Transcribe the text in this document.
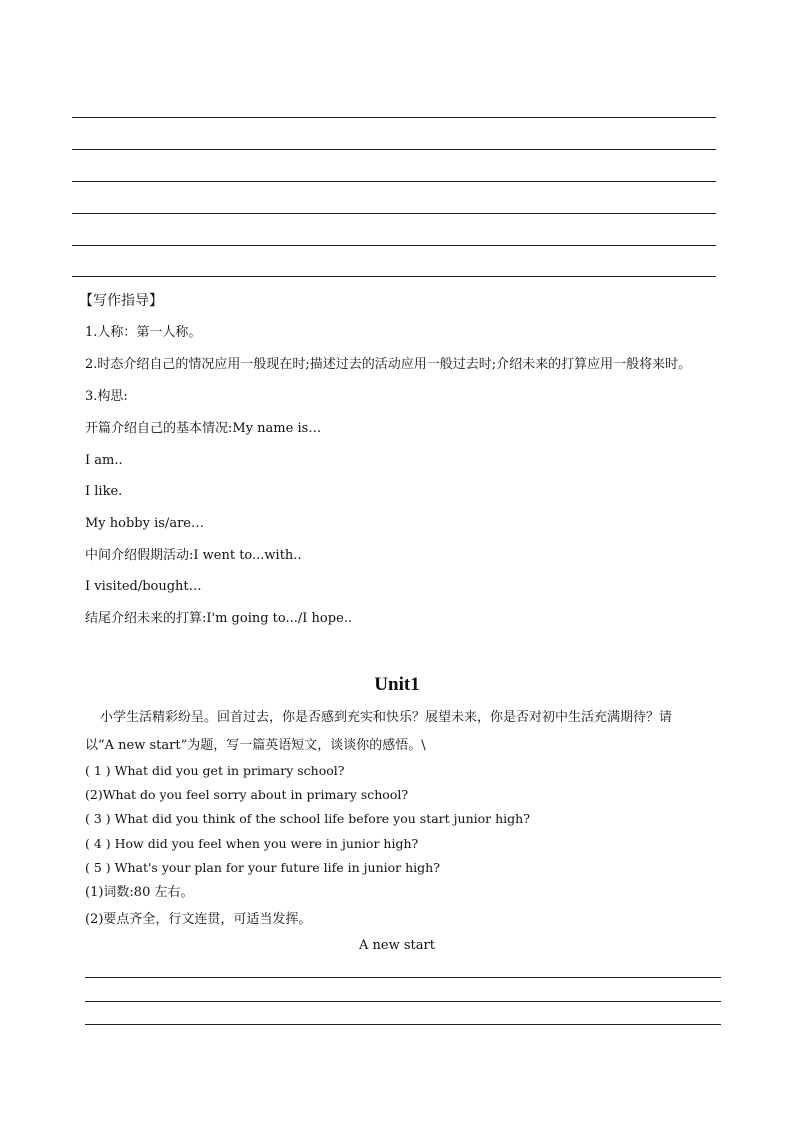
【写作指导】
1.人称：第一人称。
2.时态介绍自己的情况应用一般现在时;描述过去的活动应用一般过去时;介绍未来的打算应用一般将来时。
3.构思:
开篇介绍自己的基本情况:My name is…
I am..
I like.
My hobby is/are…
中间介绍假期活动:I went to...with..
I visited/bought…
结尾介绍未来的打算:I'm going to.../I hope..
Unit1
小学生活精彩纷呈。回首过去，你是否感到充实和快乐？展望未来，你是否对初中生活充满期待？请
以“A new start”为题，写一篇英语短文，谈谈你的感悟。\
( 1 ) What did you get in primary school?
(2)What do you feel sorry about in primary school?
( 3 ) What did you think of the school life before you start junior high?
( 4 ) How did you feel when you were in junior high?
( 5 ) What's your plan for your future life in junior high?
(1)词数:80 左右。
(2)要点齐全，行文连贯，可适当发挥。
A new start
